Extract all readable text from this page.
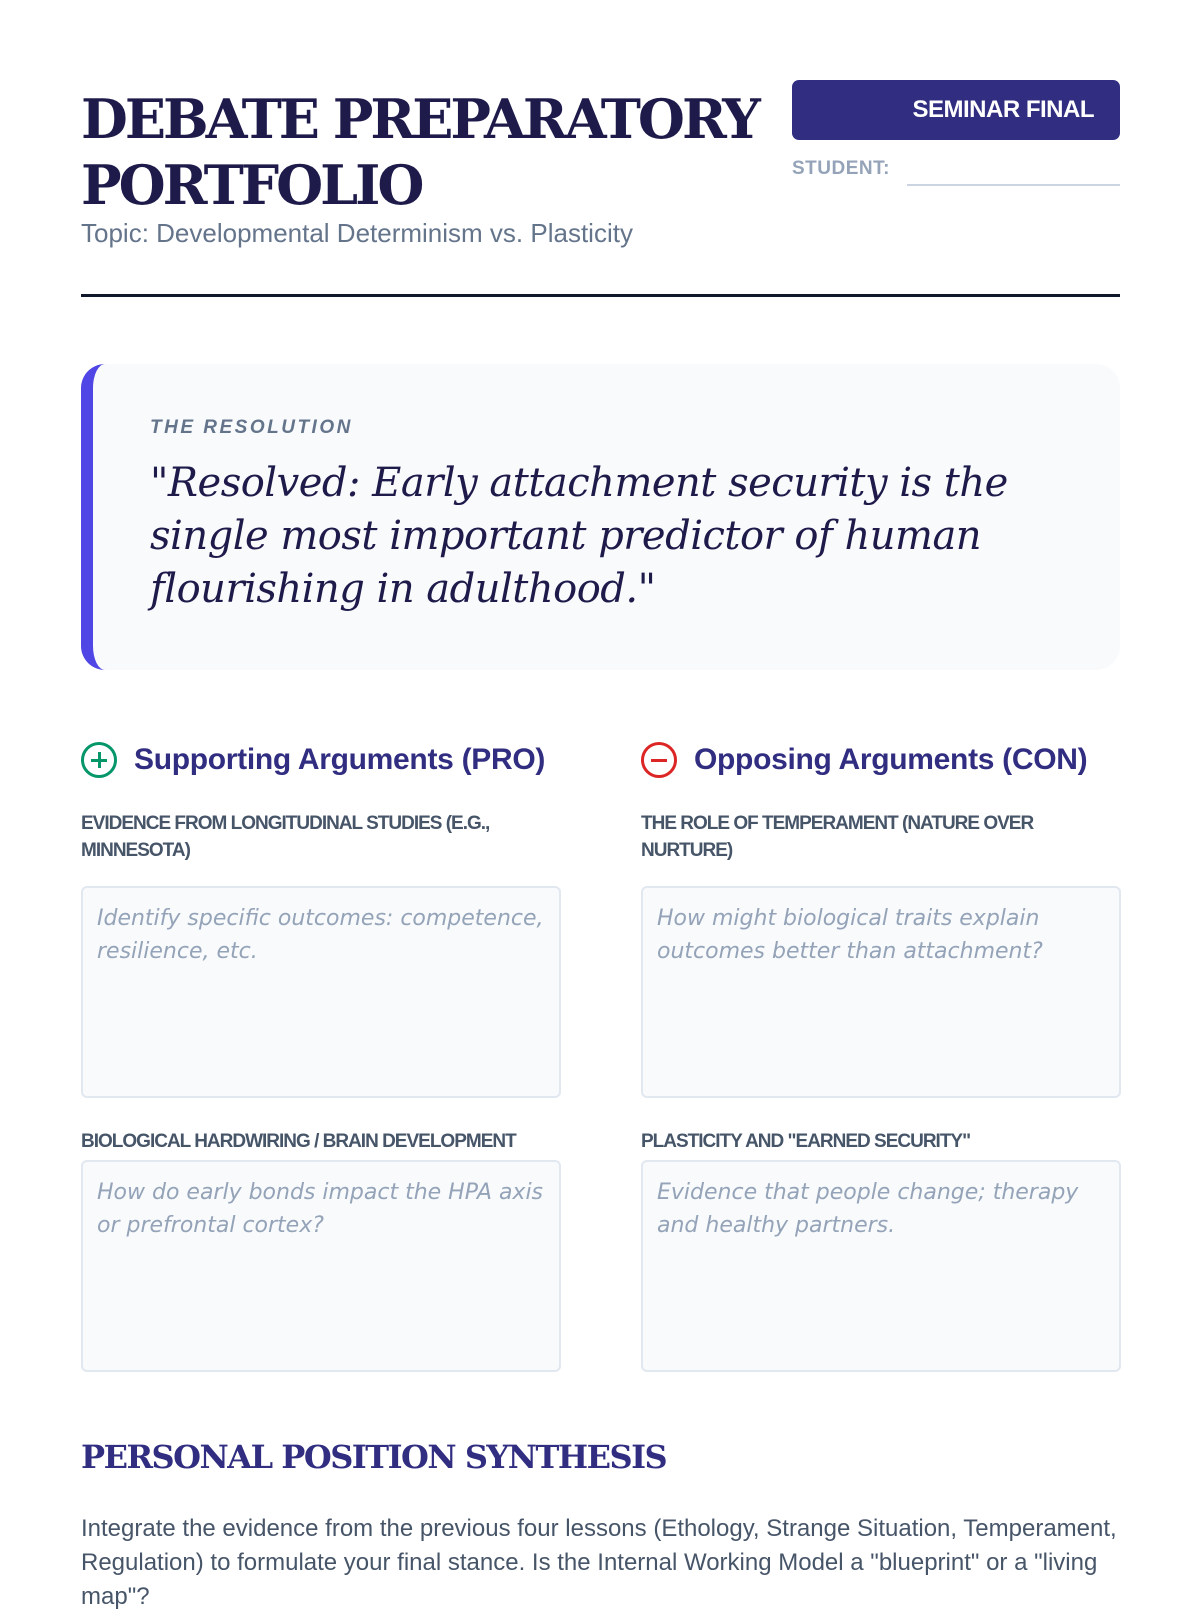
DEBATE PREPARATORY PORTFOLIO
Topic: Developmental Determinism vs. Plasticity
SEMINAR FINAL
STUDENT:
THE RESOLUTION

"Resolved: Early attachment security is the single most important predictor of human flourishing in adulthood."

Supporting Arguments (PRO)

EVIDENCE FROM LONGITUDINAL STUDIES (E.G., MINNESOTA)

Identify specific outcomes: competence, resilience, etc.

BIOLOGICAL HARDWIRING / BRAIN DEVELOPMENT

How do early bonds impact the HPA axis or prefrontal cortex?
Opposing Arguments (CON)

THE ROLE OF TEMPERAMENT (NATURE OVER NURTURE)

How might biological traits explain outcomes better than attachment?

PLASTICITY AND "EARNED SECURITY"

Evidence that people change; therapy and healthy partners.
PERSONAL POSITION SYNTHESIS

Integrate the evidence from the previous four lessons (Ethology, Strange Situation, Temperament, Regulation) to formulate your final stance. Is the Internal Working Model a "blueprint" or a "living map"?
